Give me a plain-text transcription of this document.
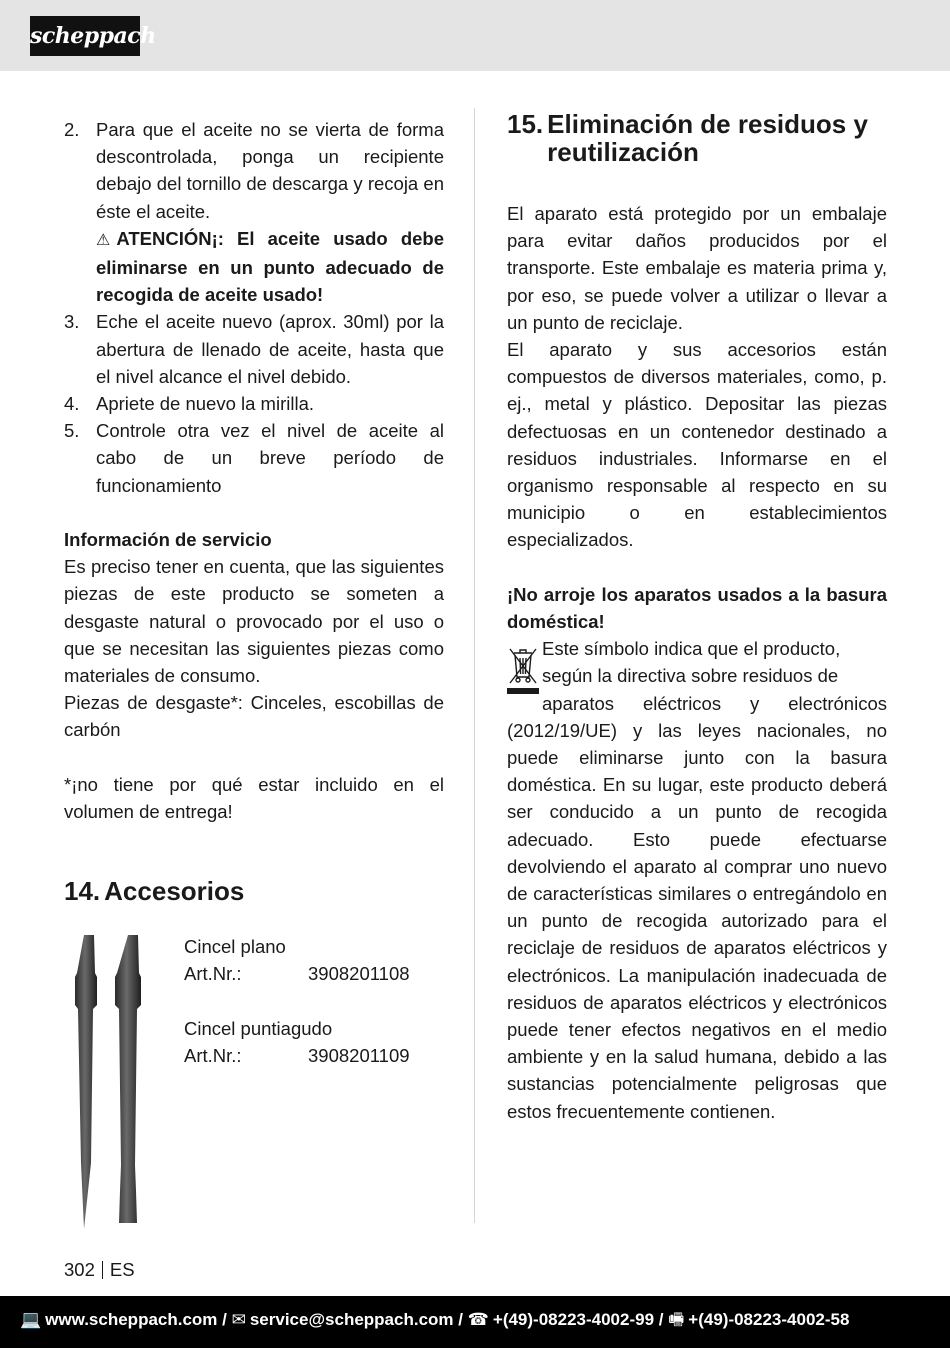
scheppach
2. Para que el aceite no se vierta de forma descontrolada, ponga un recipiente debajo del tornillo de descarga y recoja en éste el aceite.
⚠ ATENCIÓN¡: El aceite usado debe eliminarse en un punto adecuado de recogida de aceite usado!
3. Eche el aceite nuevo (aprox. 30ml) por la abertura de llenado de aceite, hasta que el nivel alcance el nivel debido.
4. Apriete de nuevo la mirilla.
5. Controle otra vez el nivel de aceite al cabo de un breve período de funcionamiento
Información de servicio
Es preciso tener en cuenta, que las siguientes piezas de este producto se someten a desgaste natural o provocado por el uso o que se necesitan las siguientes piezas como materiales de consumo.
Piezas de desgaste*: Cinceles, escobillas de carbón
*¡no tiene por qué estar incluido en el volumen de entrega!
14. Accesorios
Cincel plano
Art.Nr.:	3908201108
Cincel puntiagudo
Art.Nr.:	3908201109
15. Eliminación de residuos y
reutilización
El aparato está protegido por un embalaje para evitar daños producidos por el transporte. Este embalaje es materia prima y, por eso, se puede volver a utilizar o llevar a un punto de reciclaje.
El aparato y sus accesorios están compuestos de diversos materiales, como, p. ej., metal y plástico. Depositar las piezas defectuosas en un contenedor destinado a residuos industriales. Informarse en el organismo responsable al respecto en su municipio o en establecimientos especializados.
¡No arroje los aparatos usados a la basura doméstica!
Este símbolo indica que el producto,
según la directiva sobre residuos de
aparatos eléctricos y electrónicos
(2012/19/UE) y las leyes nacionales, no puede eliminarse junto con la basura doméstica. En su lugar, este producto deberá ser conducido a un punto de recogida adecuado. Esto puede efectuarse devolviendo el aparato al comprar uno nuevo de características similares o entregándolo en un punto de recogida autorizado para el reciclaje de residuos de aparatos eléctricos y electrónicos. La manipulación inadecuada de residuos de aparatos eléctricos y electrónicos puede tener efectos negativos en el medio ambiente y en la salud humana, debido a las sustancias potencialmente peligrosas que estos frecuentemente contienen.
302 ES
💻 www.scheppach.com / ✉ service@scheppach.com / ☎ +(49)-08223-4002-99 / 🖷 +(49)-08223-4002-58
